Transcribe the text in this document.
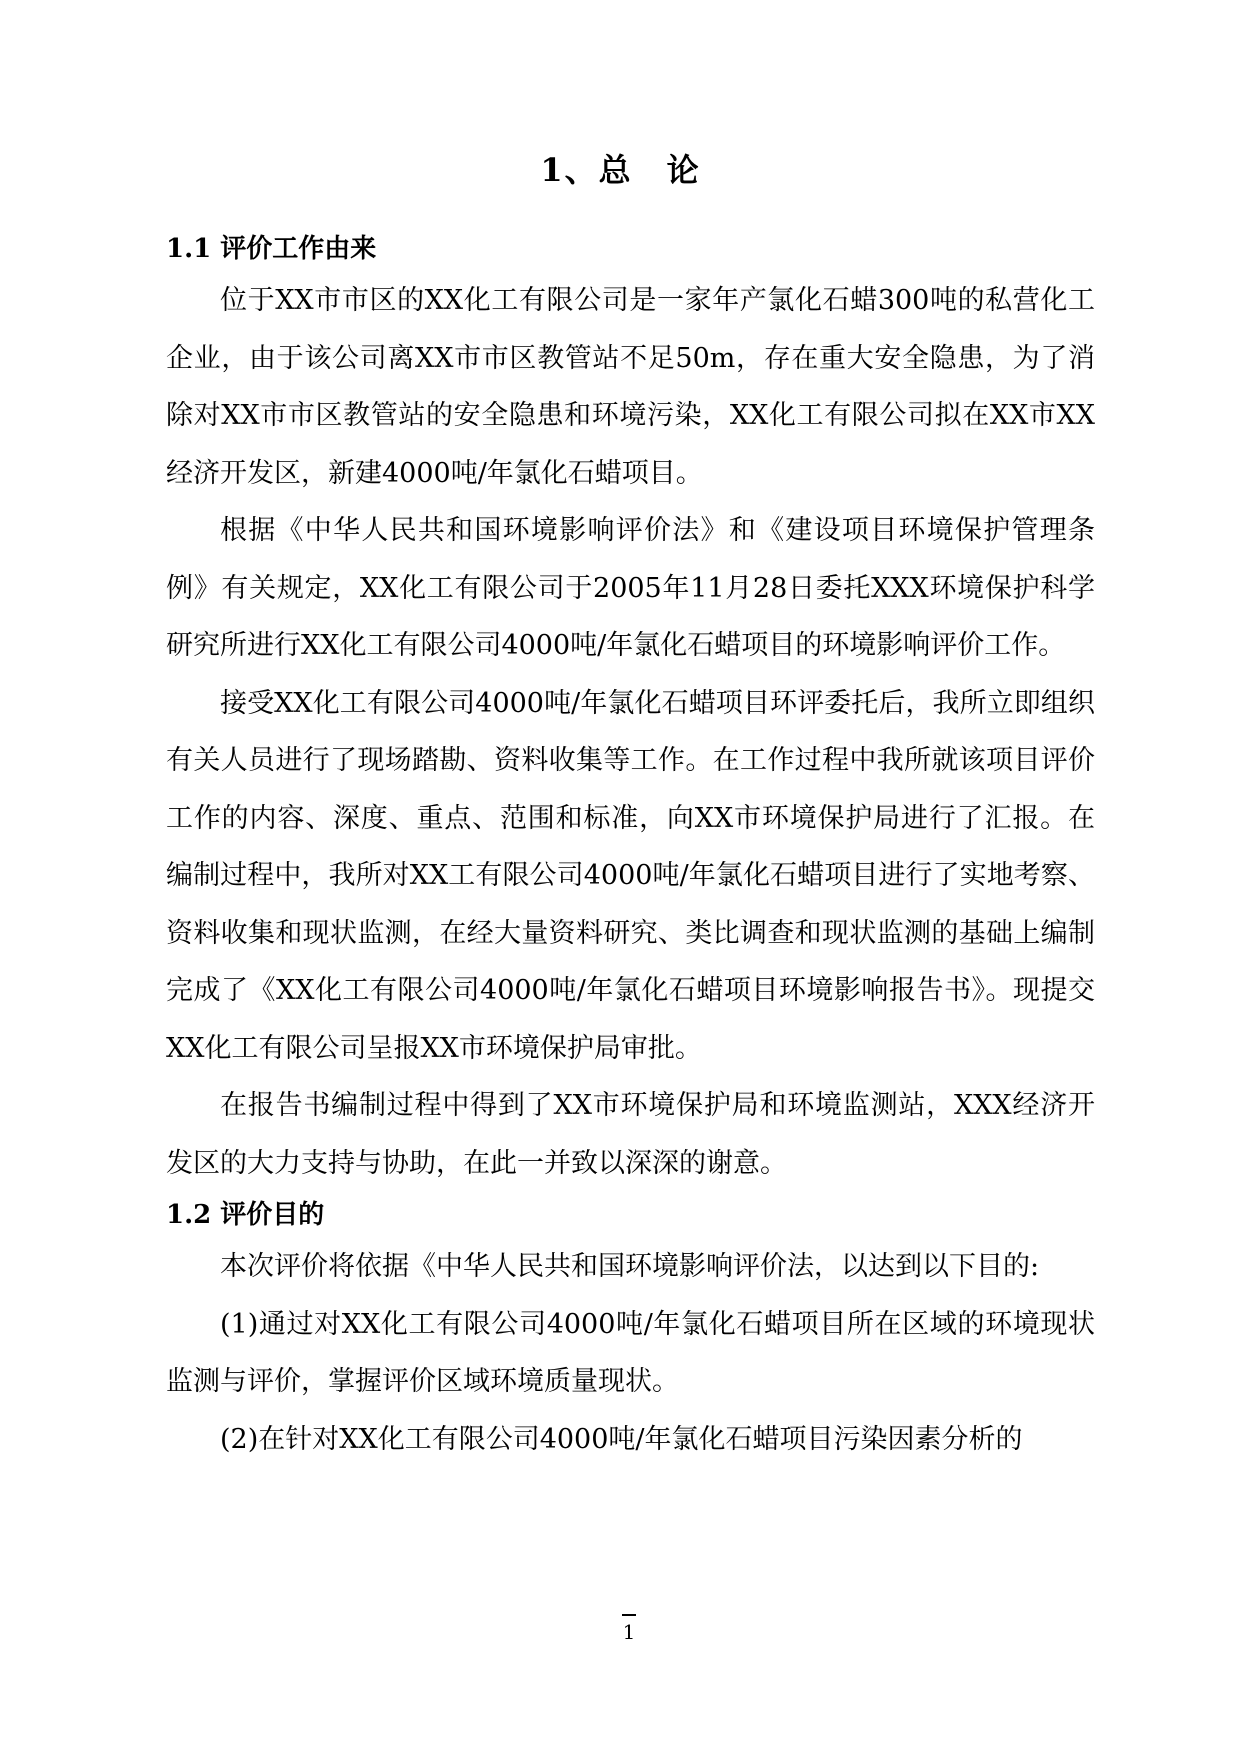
1、总　论
1.1 评价工作由来

位于XX市市区的XX化工有限公司是一家年产氯化石蜡300吨的私营化工企业，由于该公司离XX市市区教管站不足50m，存在重大安全隐患，为了消除对XX市市区教管站的安全隐患和环境污染，XX化工有限公司拟在XX市XX经济开发区，新建4000吨/年氯化石蜡项目。

根据《中华人民共和国环境影响评价法》和《建设项目环境保护管理条例》有关规定，XX化工有限公司于2005年11月28日委托XXX环境保护科学研究所进行XX化工有限公司4000吨/年氯化石蜡项目的环境影响评价工作。

接受XX化工有限公司4000吨/年氯化石蜡项目环评委托后，我所立即组织有关人员进行了现场踏勘、资料收集等工作。在工作过程中我所就该项目评价工作的内容、深度、重点、范围和标准，向XX市环境保护局进行了汇报。在编制过程中，我所对XX工有限公司4000吨/年氯化石蜡项目进行了实地考察、资料收集和现状监测，在经大量资料研究、类比调查和现状监测的基础上编制完成了《XX化工有限公司4000吨/年氯化石蜡项目环境影响报告书》。现提交XX化工有限公司呈报XX市环境保护局审批。

在报告书编制过程中得到了XX市环境保护局和环境监测站，XXX经济开发区的大力支持与协助，在此一并致以深深的谢意。

1.2 评价目的

本次评价将依据《中华人民共和国环境影响评价法，以达到以下目的:

(1)通过对XX化工有限公司4000吨/年氯化石蜡项目所在区域的环境现状监测与评价，掌握评价区域环境质量现状。

(2)在针对XX化工有限公司4000吨/年氯化石蜡项目污染因素分析的

1
